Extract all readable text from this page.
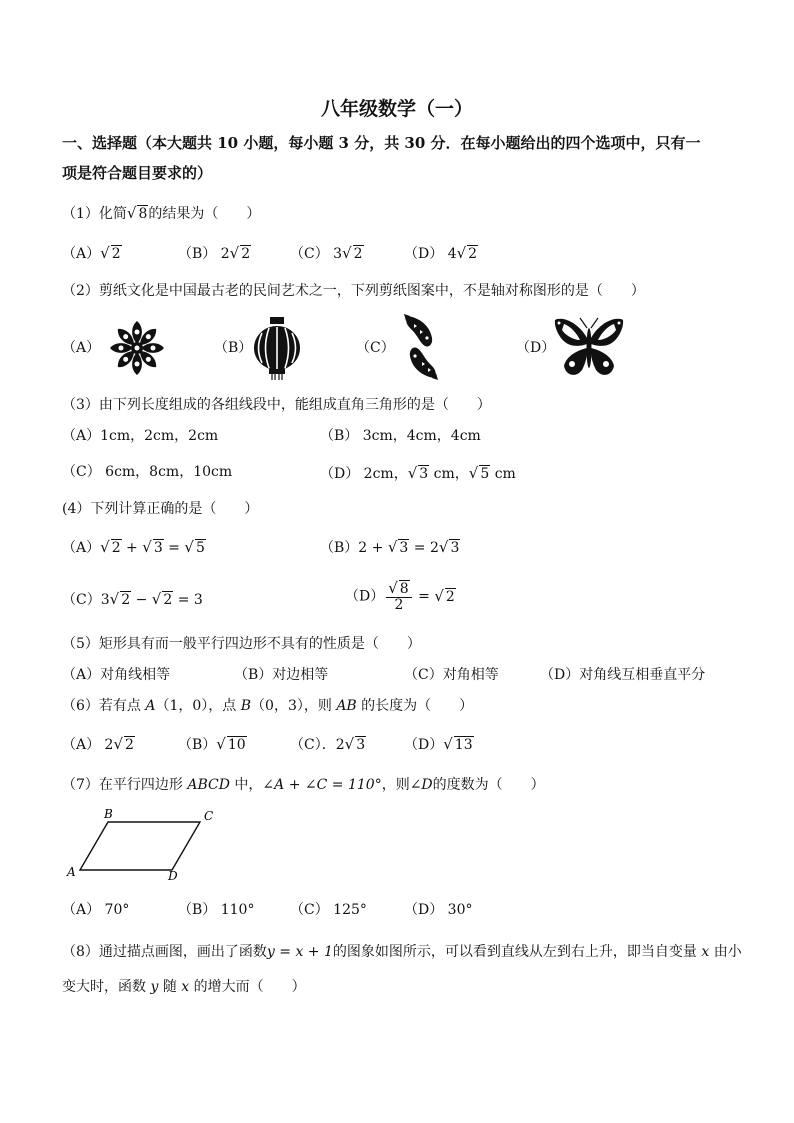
八年级数学（一）
一、选择题（本大题共 10 小题，每小题 3 分，共 30 分．在每小题给出的四个选项中，只有一
项是符合题目要求的）
（1）化简√ 8的结果为（　　）
（A）√ 2	（B） 2√ 2	（C） 3√ 2	（D） 4√ 2
（2）剪纸文化是中国最古老的民间艺术之一，下列剪纸图案中，不是轴对称图形的是（　　）
（A）	（B）	（C）	（D）
（3）由下列长度组成的各组线段中，能组成直角三角形的是（　　）
（A）1cm，2cm，2cm	（B） 3cm，4cm，4cm
（C） 6cm，8cm，10cm	（D） 2cm，√ 3 cm，√ 5 cm
(4）下列计算正确的是（　　）
（A）√ 2 + √ 3 = √ 5	（B）2 + √ 3 = 2√ 3
（C）3√ 2 − √ 2 = 3	$(D) \frac{√ 8}{2}$ = √ 2
（5）矩形具有而一般平行四边形不具有的性质是（　　）
（A）对角线相等	（B）对边相等	（C）对角相等	（D）对角线互相垂直平分
（6）若有点 A（1，0），点 B（0，3），则 AB 的长度为（　　）
（A） 2√ 2	（B）√ 10	（C）．2√ 3	（D）√ 13
（7）在平行四边形 ABCD 中，∠A + ∠C = 110°，则∠D的度数为（　　）
A
B	C
D
（A） 70°	（B） 110°	（C） 125°	（D） 30°
（8）通过描点画图，画出了函数y = x + 1的图象如图所示，可以看到直线从左到右上升，即当自变量 x 由小
变大时，函数 y 随 x 的增大而（　　）
